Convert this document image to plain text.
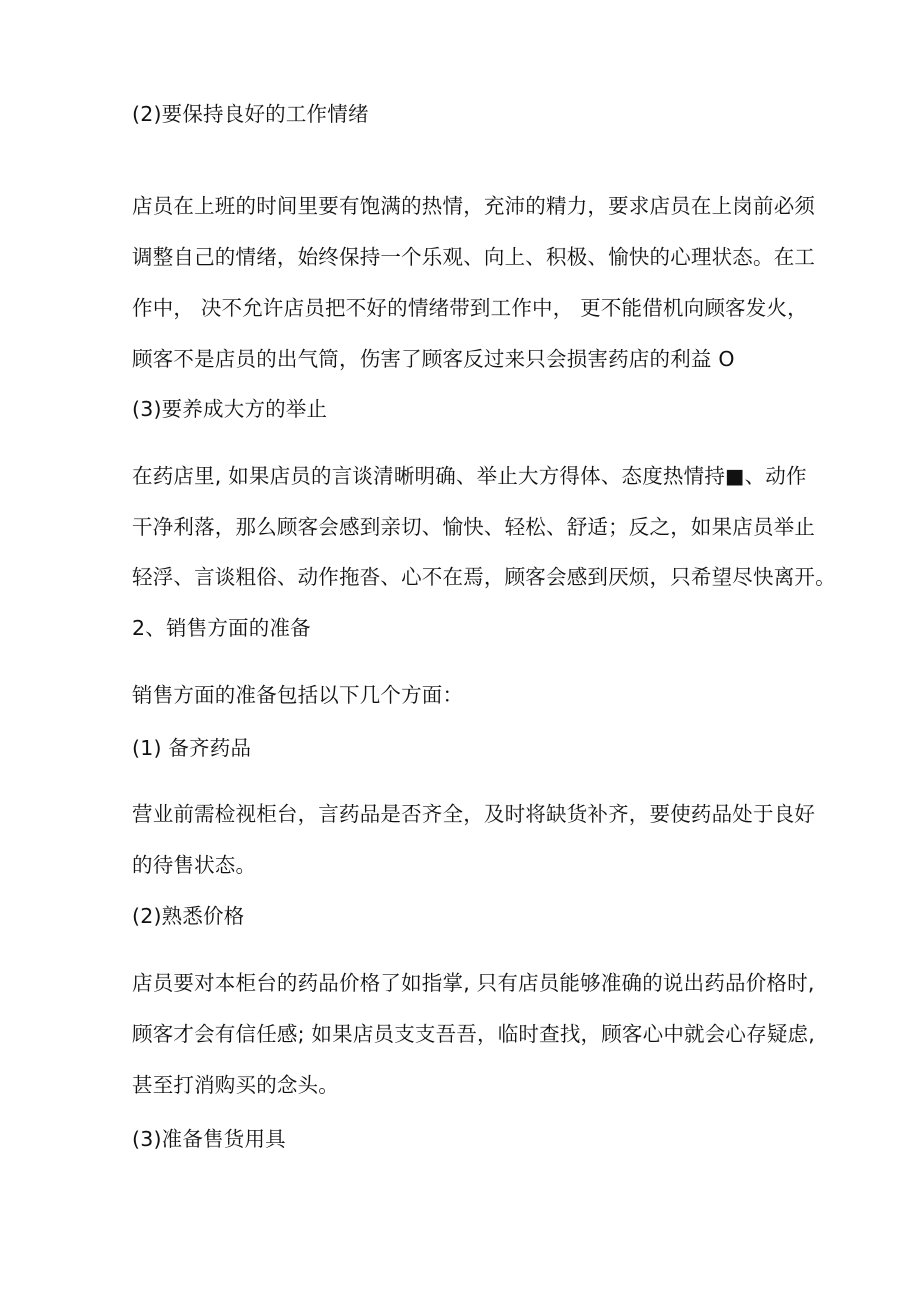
(2)要保持良好的工作情绪
店员在上班的时间里要有饱满的热情，充沛的精力，要求店员在上岗前必须
调整自己的情绪，始终保持一个乐观、向上、积极、愉快的心理状态。在工
作中， 决不允许店员把不好的情绪带到工作中， 更不能借机向顾客发火，
顾客不是店员的出气筒，伤害了顾客反过来只会损害药店的利益 O
(3)要养成大方的举止
在药店里, 如果店员的言谈清晰明确、举止大方得体、态度热情持■、动作
干净利落，那么顾客会感到亲切、愉快、轻松、舒适；反之，如果店员举止
轻浮、言谈粗俗、动作拖沓、心不在焉，顾客会感到厌烦，只希望尽快离开。
2、销售方面的准备
销售方面的准备包括以下几个方面：
(1) 备齐药品
营业前需检视柜台，言药品是否齐全，及时将缺货补齐，要使药品处于良好
的待售状态。
(2)熟悉价格
店员要对本柜台的药品价格了如指掌, 只有店员能够准确的说出药品价格时,
顾客才会有信任感; 如果店员支支吾吾，临时查找，顾客心中就会心存疑虑,
甚至打消购买的念头。
(3)准备售货用具
